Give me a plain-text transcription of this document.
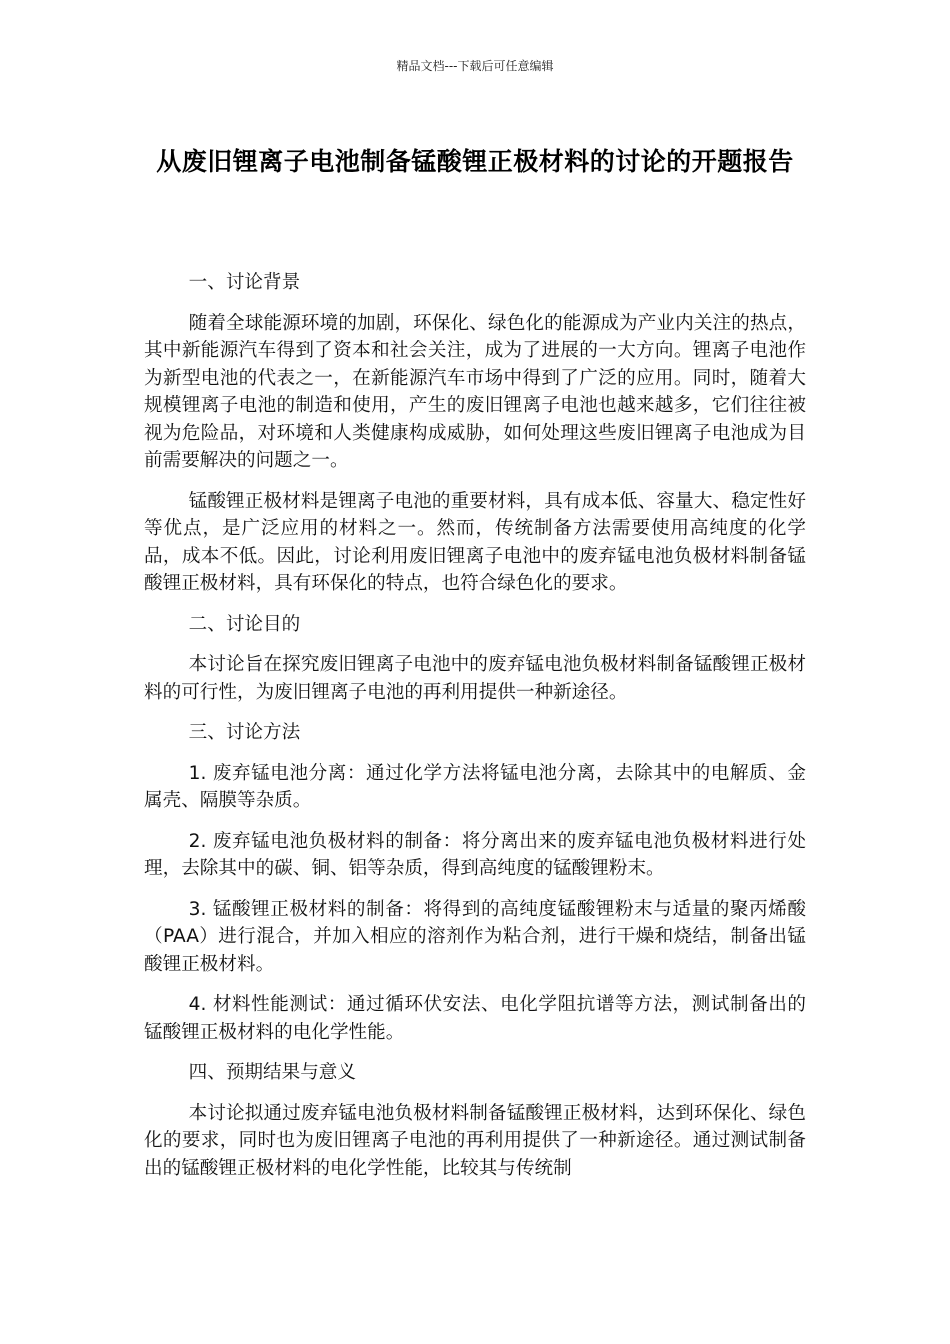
精品文档---下载后可任意编辑
从废旧锂离子电池制备锰酸锂正极材料的讨论的开题报告

一、讨论背景

随着全球能源环境的加剧，环保化、绿色化的能源成为产业内关注的热点，其中新能源汽车得到了资本和社会关注，成为了进展的一大方向。锂离子电池作为新型电池的代表之一，在新能源汽车市场中得到了广泛的应用。同时，随着大规模锂离子电池的制造和使用，产生的废旧锂离子电池也越来越多，它们往往被视为危险品，对环境和人类健康构成威胁，如何处理这些废旧锂离子电池成为目前需要解决的问题之一。

锰酸锂正极材料是锂离子电池的重要材料，具有成本低、容量大、稳定性好等优点，是广泛应用的材料之一。然而，传统制备方法需要使用高纯度的化学品，成本不低。因此，讨论利用废旧锂离子电池中的废弃锰电池负极材料制备锰酸锂正极材料，具有环保化的特点，也符合绿色化的要求。

二、讨论目的

本讨论旨在探究废旧锂离子电池中的废弃锰电池负极材料制备锰酸锂正极材料的可行性，为废旧锂离子电池的再利用提供一种新途径。

三、讨论方法

1. 废弃锰电池分离：通过化学方法将锰电池分离，去除其中的电解质、金属壳、隔膜等杂质。

2. 废弃锰电池负极材料的制备：将分离出来的废弃锰电池负极材料进行处理，去除其中的碳、铜、铝等杂质，得到高纯度的锰酸锂粉末。

3. 锰酸锂正极材料的制备：将得到的高纯度锰酸锂粉末与适量的聚丙烯酸（PAA）进行混合，并加入相应的溶剂作为粘合剂，进行干燥和烧结，制备出锰酸锂正极材料。

4. 材料性能测试：通过循环伏安法、电化学阻抗谱等方法，测试制备出的锰酸锂正极材料的电化学性能。

四、预期结果与意义

本讨论拟通过废弃锰电池负极材料制备锰酸锂正极材料，达到环保化、绿色化的要求，同时也为废旧锂离子电池的再利用提供了一种新途径。通过测试制备出的锰酸锂正极材料的电化学性能，比较其与传统制
